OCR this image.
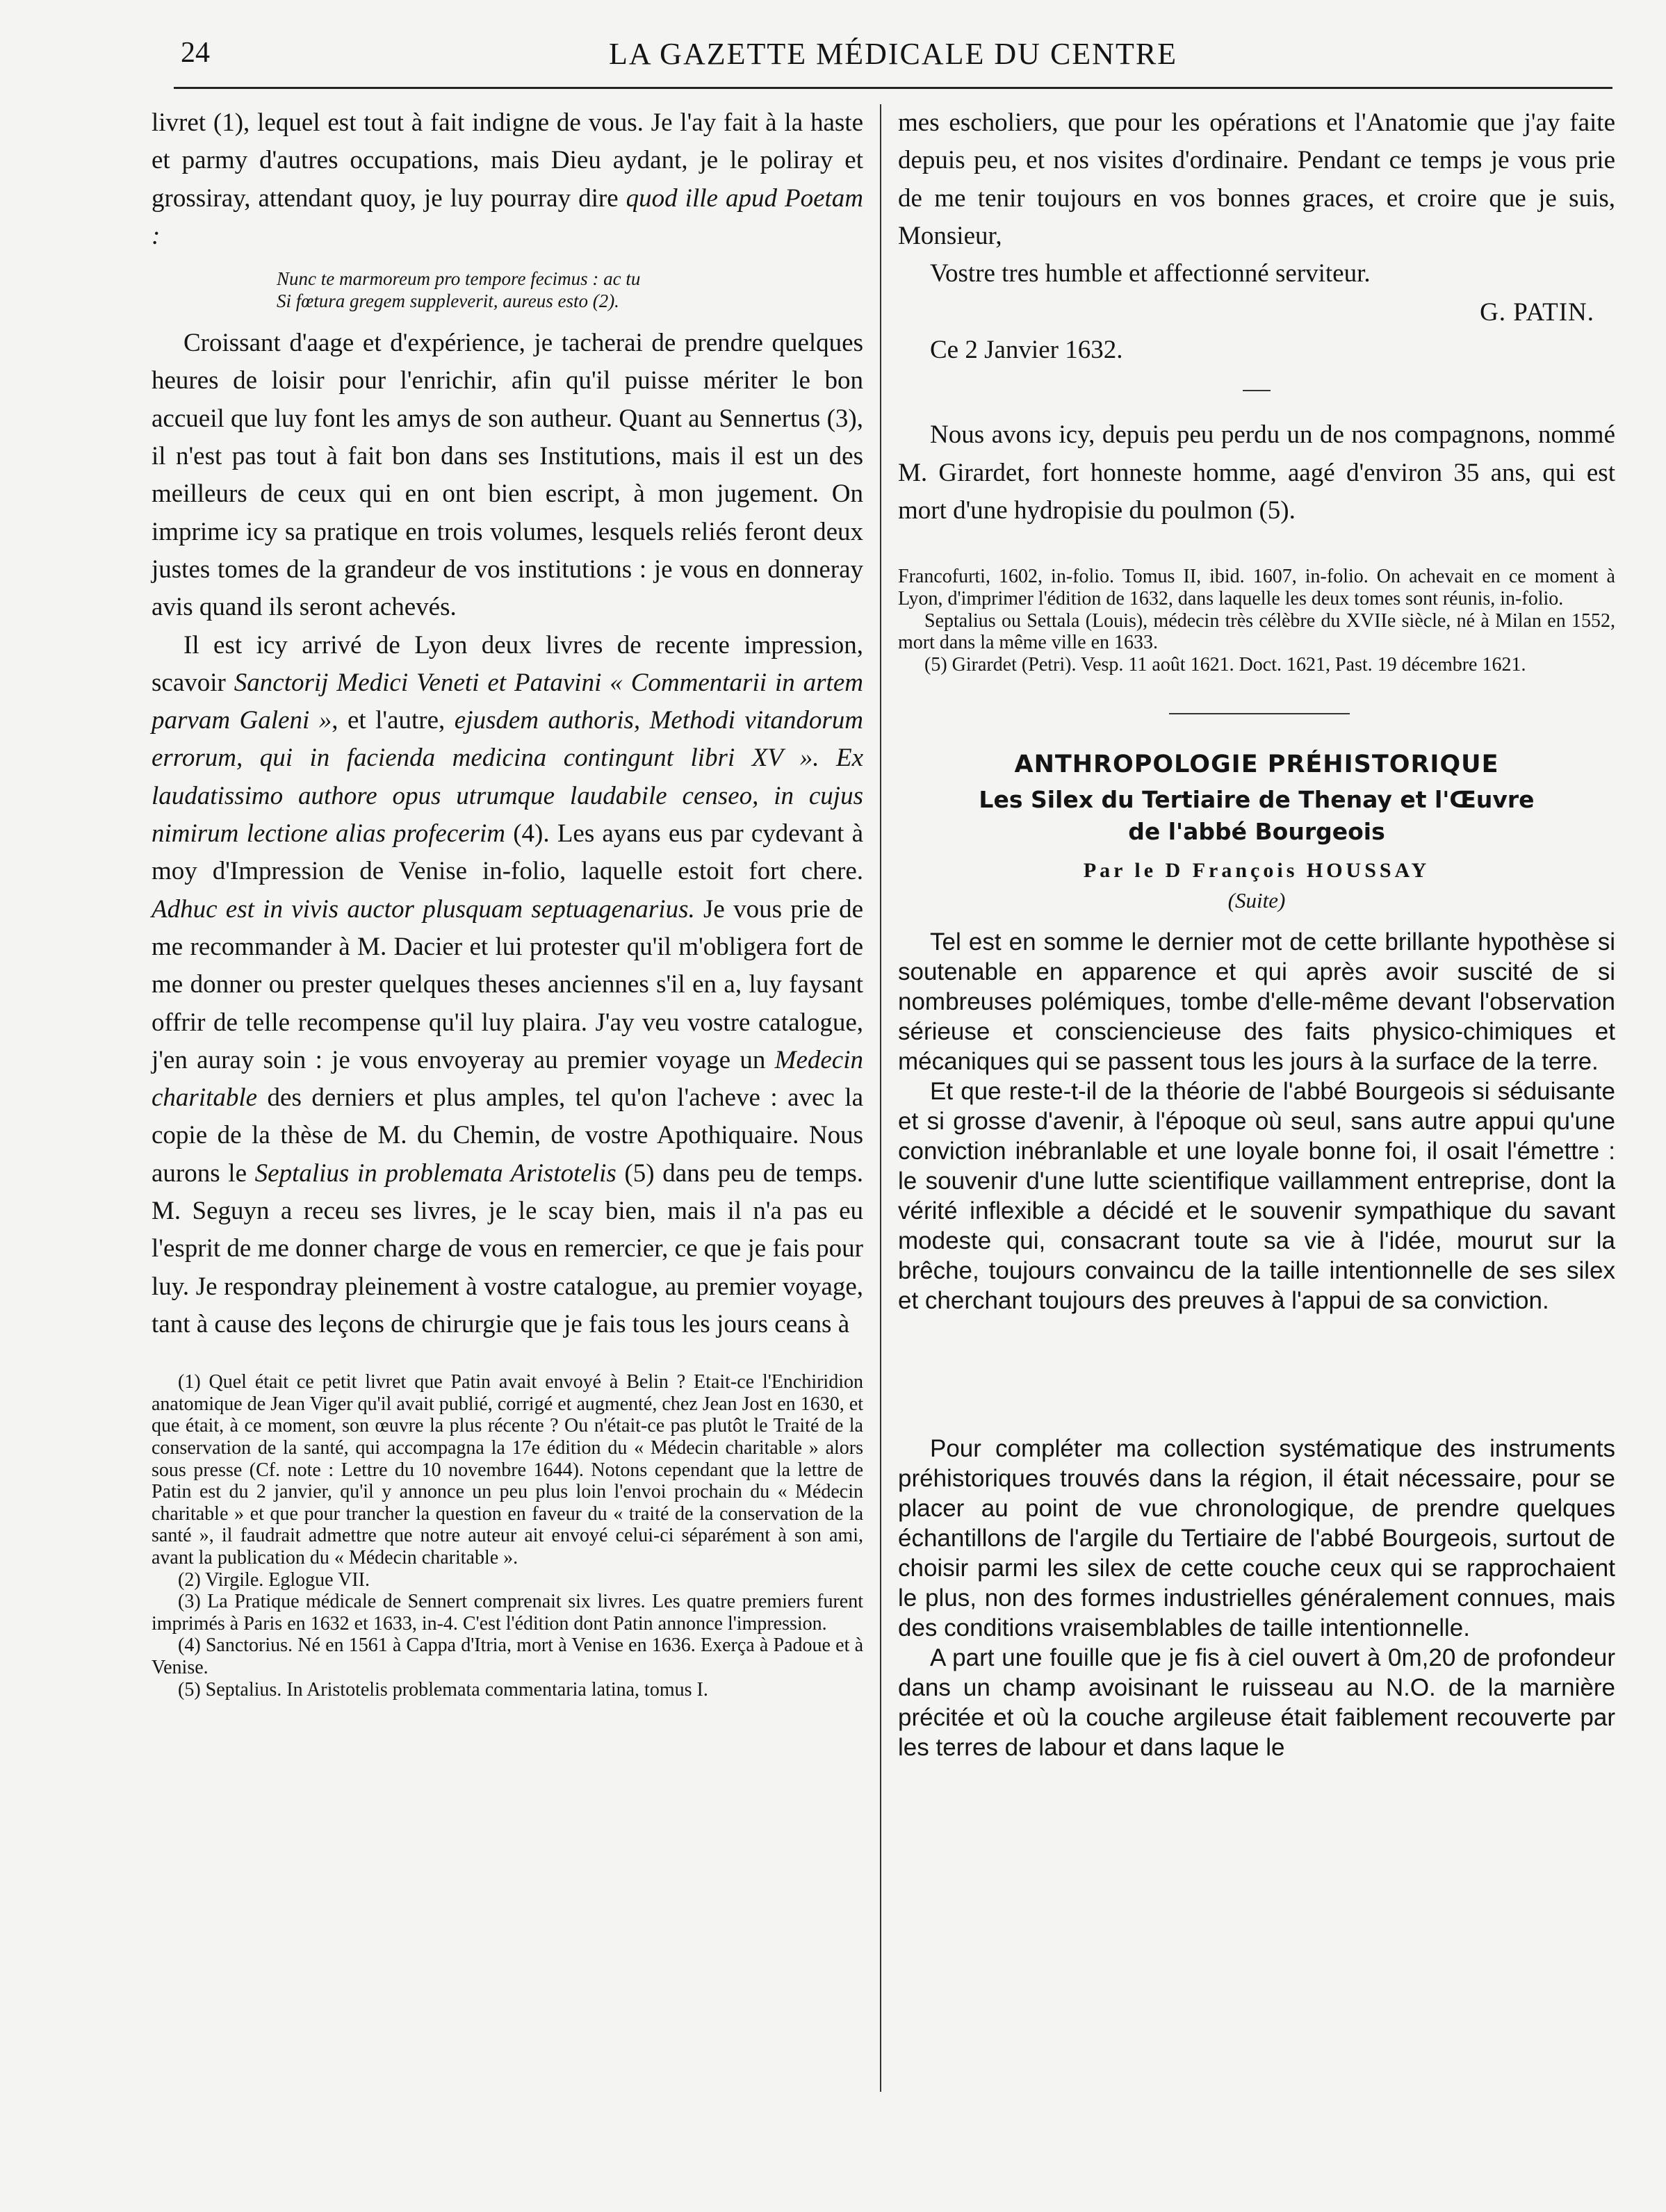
24	LA GAZETTE MÉDICALE DU CENTRE

livret (1), lequel est tout à fait indigne de vous. Je l'ay fait à la haste et parmy d'autres occupations, mais Dieu aydant, je le poliray et grossiray, attendant quoy, je luy pourray dire quod ille apud Poetam :

Nunc te marmoreum pro tempore fecimus : ac tu
Si fœtura gregem suppleverit, aureus esto (2).

Croissant d'aage et d'expérience, je tacherai de prendre quelques heures de loisir pour l'enrichir, afin qu'il puisse mériter le bon accueil que luy font les amys de son autheur. Quant au Sennertus (3), il n'est pas tout à fait bon dans ses Institutions, mais il est un des meilleurs de ceux qui en ont bien escript, à mon jugement. On imprime icy sa pratique en trois volumes, lesquels reliés feront deux justes tomes de la grandeur de vos institutions : je vous en donneray avis quand ils seront achevés.

Il est icy arrivé de Lyon deux livres de recente impression, scavoir Sanctorij Medici Veneti et Patavini « Commentarii in artem parvam Galeni », et l'autre, ejusdem authoris, Methodi vitandorum errorum, qui in facienda medicina contingunt libri XV ». Ex laudatissimo authore opus utrumque laudabile censeo, in cujus nimirum lectione alias profecerim (4). Les ayans eus par cydevant à moy d'Impression de Venise in-folio, laquelle estoit fort chere. Adhuc est in vivis auctor plusquam septuagenarius. Je vous prie de me recommander à M. Dacier et lui protester qu'il m'obligera fort de me donner ou prester quelques theses anciennes s'il en a, luy faysant offrir de telle recompense qu'il luy plaira. J'ay veu vostre catalogue, j'en auray soin : je vous envoyeray au premier voyage un Medecin charitable des derniers et plus amples, tel qu'on l'acheve : avec la copie de la thèse de M. du Chemin, de vostre Apothiquaire. Nous aurons le Septalius in problemata Aristotelis (5) dans peu de temps. M. Seguyn a receu ses livres, je le scay bien, mais il n'a pas eu l'esprit de me donner charge de vous en remercier, ce que je fais pour luy. Je respondray pleinement à vostre catalogue, au premier voyage, tant à cause des leçons de chirurgie que je fais tous les jours ceans à

(1) Quel était ce petit livret que Patin avait envoyé à Belin ? Etait-ce l'Enchiridion anatomique de Jean Viger qu'il avait publié, corrigé et augmenté, chez Jean Jost en 1630, et que était, à ce moment, son œuvre la plus récente ? Ou n'était-ce pas plutôt le Traité de la conservation de la santé, qui accompagna la 17e édition du « Médecin charitable » alors sous presse (Cf. note : Lettre du 10 novembre 1644). Notons cependant que la lettre de Patin est du 2 janvier, qu'il y annonce un peu plus loin l'envoi prochain du « Médecin charitable » et que pour trancher la question en faveur du « traité de la conservation de la santé », il faudrait admettre que notre auteur ait envoyé celui-ci séparément à son ami, avant la publication du « Médecin charitable ».

(2) Virgile. Eglogue VII.

(3) La Pratique médicale de Sennert comprenait six livres. Les quatre premiers furent imprimés à Paris en 1632 et 1633, in-4. C'est l'édition dont Patin annonce l'impression.

(4) Sanctorius. Né en 1561 à Cappa d'Itria, mort à Venise en 1636. Exerça à Padoue et à Venise.

(5) Septalius. In Aristotelis problemata commentaria latina, tomus I.

mes escholiers, que pour les opérations et l'Anatomie que j'ay faite depuis peu, et nos visites d'ordinaire. Pendant ce temps je vous prie de me tenir toujours en vos bonnes graces, et croire que je suis, Monsieur,

Vostre tres humble et affectionné serviteur.

G. PATIN.
Ce 2 Janvier 1632.

Nous avons icy, depuis peu perdu un de nos compagnons, nommé M. Girardet, fort honneste homme, aagé d'environ 35 ans, qui est mort d'une hydropisie du poulmon (5).

Francofurti, 1602, in-folio. Tomus II, ibid. 1607, in-folio. On achevait en ce moment à Lyon, d'imprimer l'édition de 1632, dans laquelle les deux tomes sont réunis, in-folio.

Septalius ou Settala (Louis), médecin très célèbre du XVIIe siècle, né à Milan en 1552, mort dans la même ville en 1633.

(5) Girardet (Petri). Vesp. 11 août 1621. Doct. 1621, Past. 19 décembre 1621.

ANTHROPOLOGIE PRÉHISTORIQUE
Les Silex du Tertiaire de Thenay et l'Œuvre
de l'abbé Bourgeois
Par le D François HOUSSAY
(Suite)

Tel est en somme le dernier mot de cette brillante hypothèse si soutenable en apparence et qui après avoir suscité de si nombreuses polémiques, tombe d'elle-même devant l'observation sérieuse et consciencieuse des faits physico-chimiques et mécaniques qui se passent tous les jours à la surface de la terre.

Et que reste-t-il de la théorie de l'abbé Bourgeois si séduisante et si grosse d'avenir, à l'époque où seul, sans autre appui qu'une conviction inébranlable et une loyale bonne foi, il osait l'émettre : le souvenir d'une lutte scientifique vaillamment entreprise, dont la vérité inflexible a décidé et le souvenir sympathique du savant modeste qui, consacrant toute sa vie à l'idée, mourut sur la brêche, toujours convaincu de la taille intentionnelle de ses silex et cherchant toujours des preuves à l'appui de sa conviction.

Pour compléter ma collection systématique des instruments préhistoriques trouvés dans la région, il était nécessaire, pour se placer au point de vue chronologique, de prendre quelques échantillons de l'argile du Tertiaire de l'abbé Bourgeois, surtout de choisir parmi les silex de cette couche ceux qui se rapprochaient le plus, non des formes industrielles généralement connues, mais des conditions vraisemblables de taille intentionnelle.

A part une fouille que je fis à ciel ouvert à 0m,20 de profondeur dans un champ avoisinant le ruisseau au N.O. de la marnière précitée et où la couche argileuse était faiblement recouverte par les terres de labour et dans laque le
